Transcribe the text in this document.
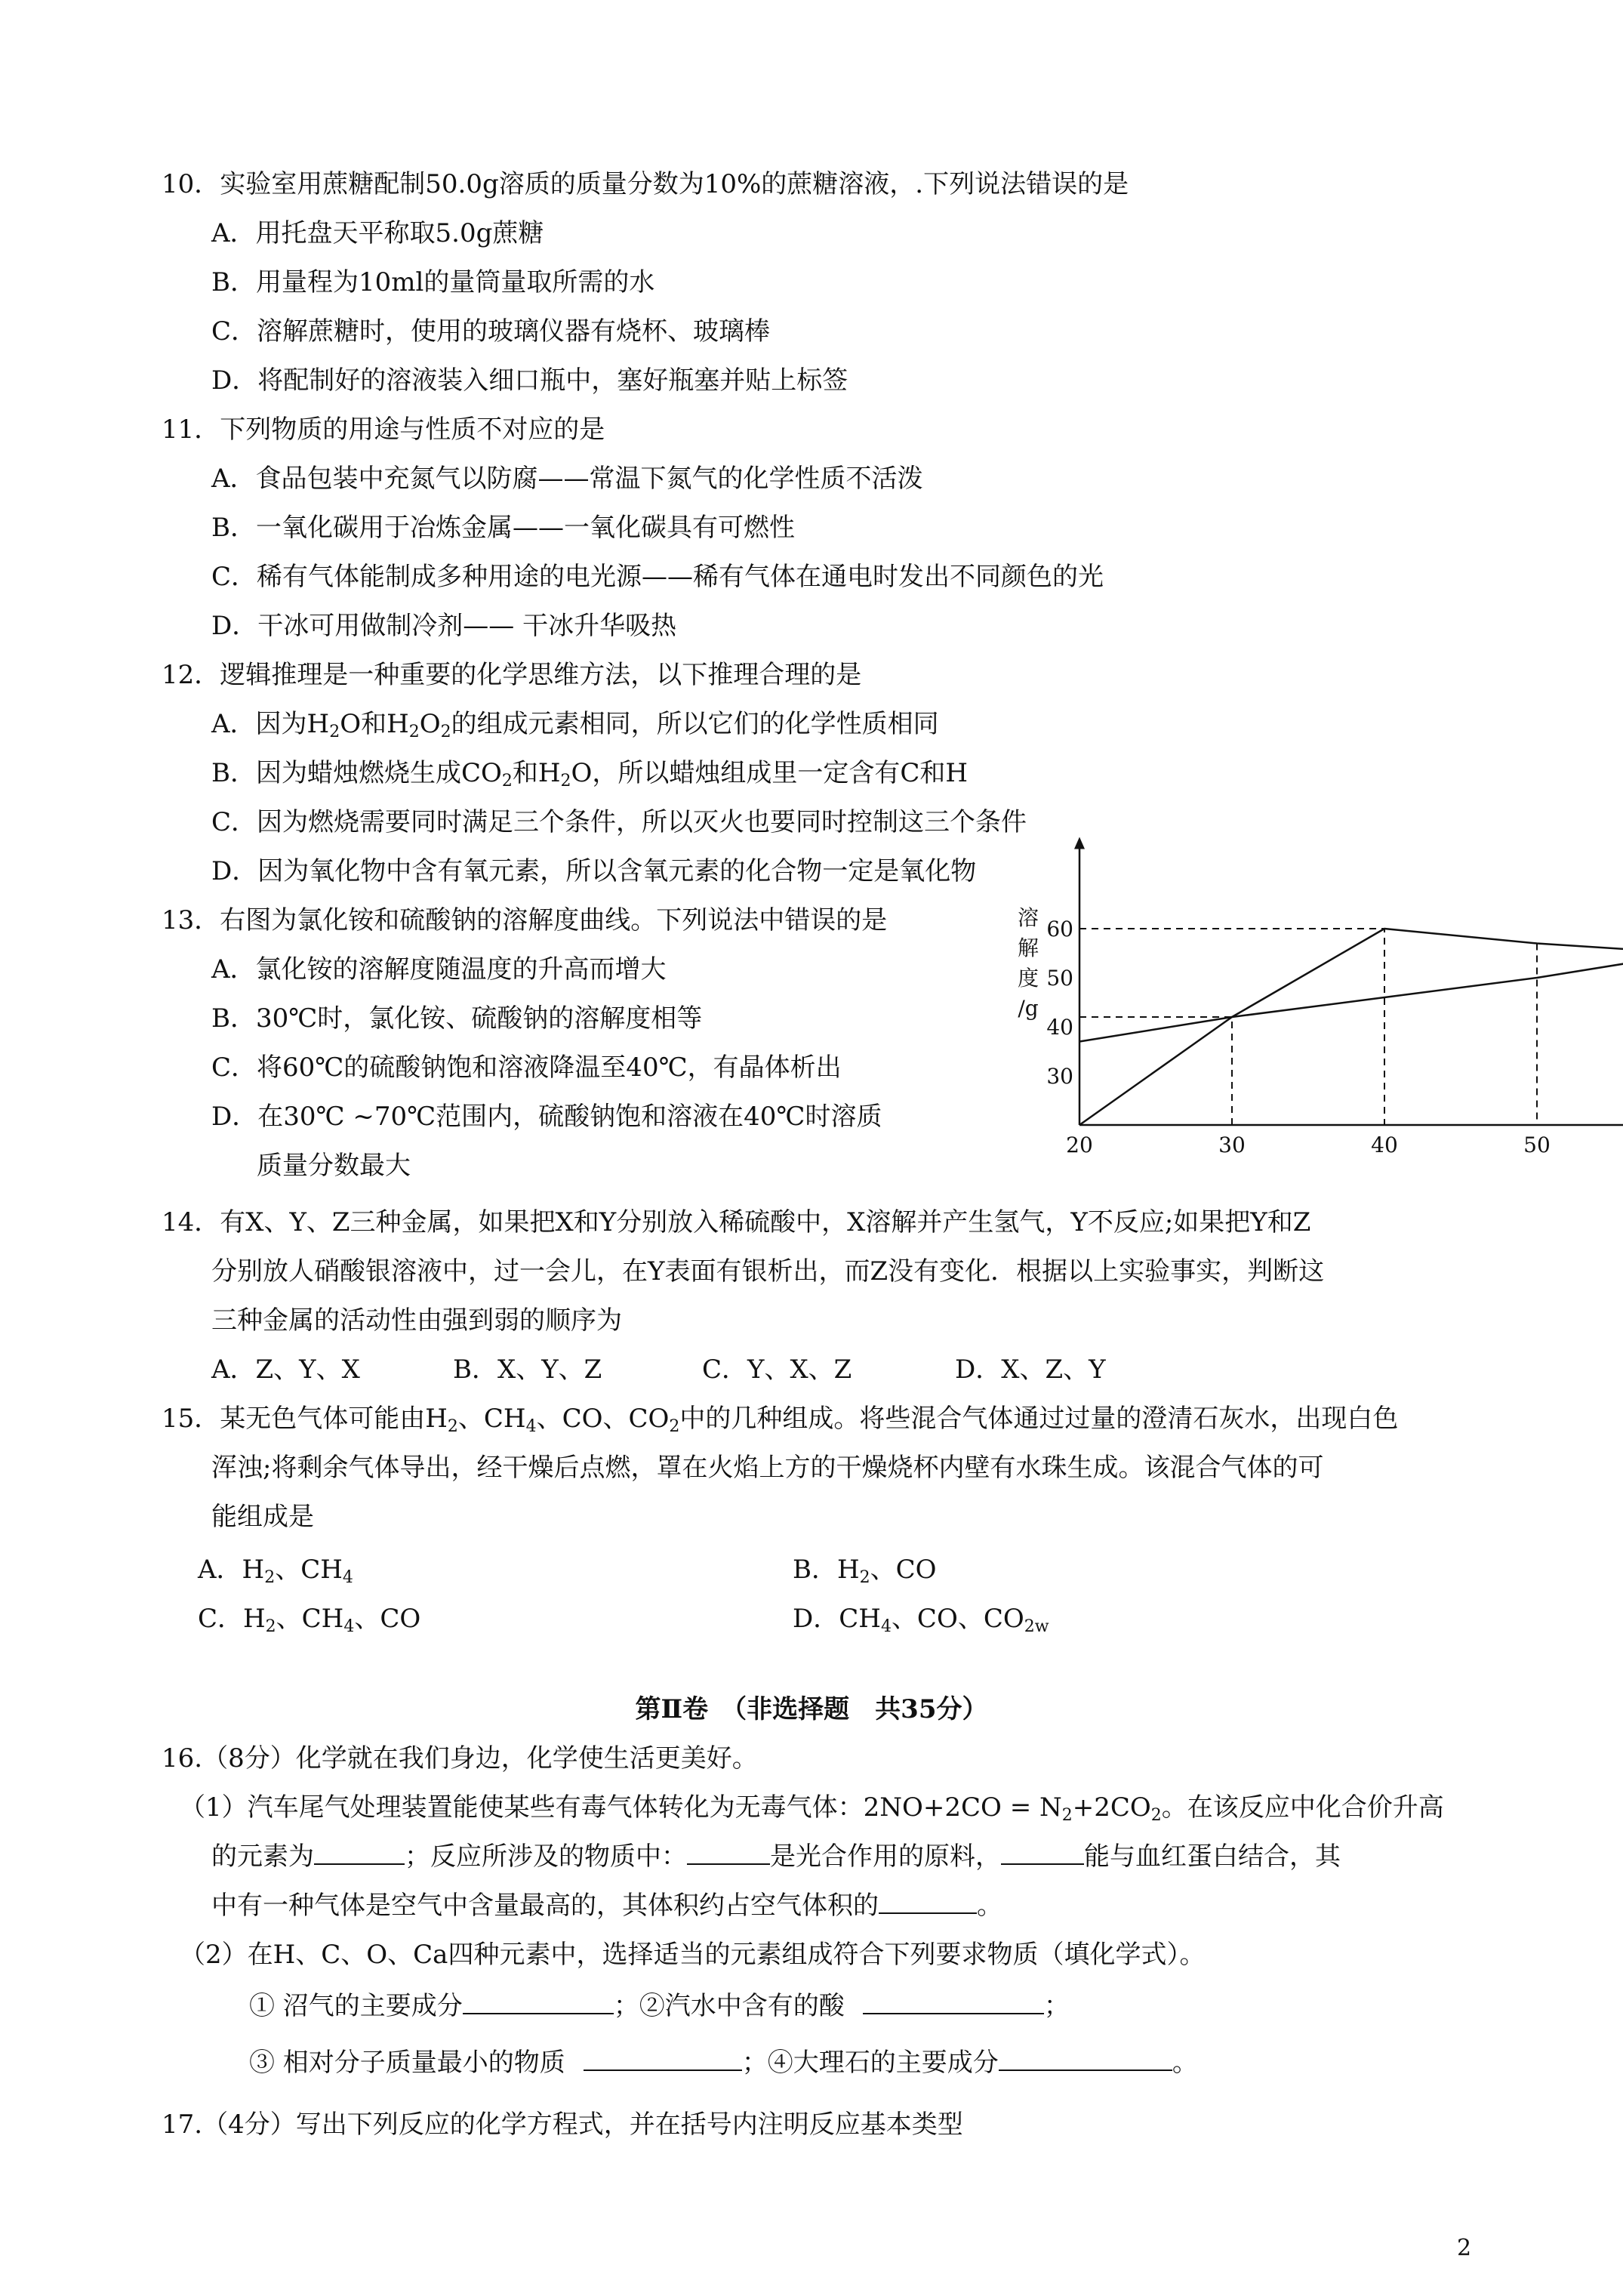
10．实验室用蔗糖配制50.0g溶质的质量分数为10%的蔗糖溶液，.下列说法错误的是
A．用托盘天平称取5.0g蔗糖
B．用量程为10ml的量筒量取所需的水
C．溶解蔗糖时，使用的玻璃仪器有烧杯、玻璃棒
D．将配制好的溶液装入细口瓶中，塞好瓶塞并贴上标签
11．下列物质的用途与性质不对应的是
A．食品包装中充氮气以防腐——常温下氮气的化学性质不活泼
B．一氧化碳用于冶炼金属——一氧化碳具有可燃性
C．稀有气体能制成多种用途的电光源——稀有气体在通电时发出不同颜色的光
D．干冰可用做制冷剂—— 干冰升华吸热
12．逻辑推理是一种重要的化学思维方法，以下推理合理的是
A．因为$H_2O$和$H_2O_2$的组成元素相同，所以它们的化学性质相同
B．因为蜡烛燃烧生成$CO_2$和$H_2O$，所以蜡烛组成里一定含有C和H
C．因为燃烧需要同时满足三个条件，所以灭火也要同时控制这三个条件
D．因为氧化物中含有氧元素，所以含氧元素的化合物一定是氧化物
13．右图为氯化铵和硫酸钠的溶解度曲线。下列说法中错误的是
A．氯化铵的溶解度随温度的升高而增大
B．30℃时，氯化铵、硫酸钠的溶解度相等
C．将60℃的硫酸钠饱和溶液降温至40℃，有晶体析出
D．在30℃ ~70℃范围内，硫酸钠饱和溶液在40℃时溶质
质量分数最大
20	30	40	50
30
40
50
60
溶
解
度
/g
14．有X、Y、Z三种金属，如果把X和Y分别放入稀硫酸中，X溶解并产生氢气，Y不反应;如果把Y和Z
分别放人硝酸银溶液中，过一会儿，在Y表面有银析出，而Z没有变化．根据以上实验事实，判断这
三种金属的活动性由强到弱的顺序为
A．Z、Y、X	B．X、Y、Z	C．Y、X、Z	D．X、Z、Y
15．某无色气体可能由$H_2$、$CH_4$、CO、$CO_2$中的几种组成。将些混合气体通过过量的澄清石灰水，出现白色
浑浊;将剩余气体导出，经干燥后点燃，罩在火焰上方的干燥烧杯内壁有水珠生成。该混合气体的可
能组成是
A．$H_2$、$CH_4$	B．$H_2$、CO
C．$H_2$、$CH_4$、CO	D．$CH_4$、CO、$CO_{2w}$
第Ⅱ卷　（非选择题　共35分）
16.（8分）化学就在我们身边，化学使生活更美好。
（1）汽车尾气处理装置能使某些有毒气体转化为无毒气体：$2NO+2CO = N_2+2CO_2$。在该反应中化合价升高
的元素为	；反应所涉及的物质中：	是光合作用的原料，	能与血红蛋白结合，其
中有一种气体是空气中含量最高的，其体积约占空气体积的	。
（2）在H、C、O、Ca四种元素中，选择适当的元素组成符合下列要求物质（填化学式）。
① 沼气的主要成分	；②汽水中含有的酸	；
③ 相对分子质量最小的物质	；④大理石的主要成分	。
17.（4分）写出下列反应的化学方程式，并在括号内注明反应基本类型
2
